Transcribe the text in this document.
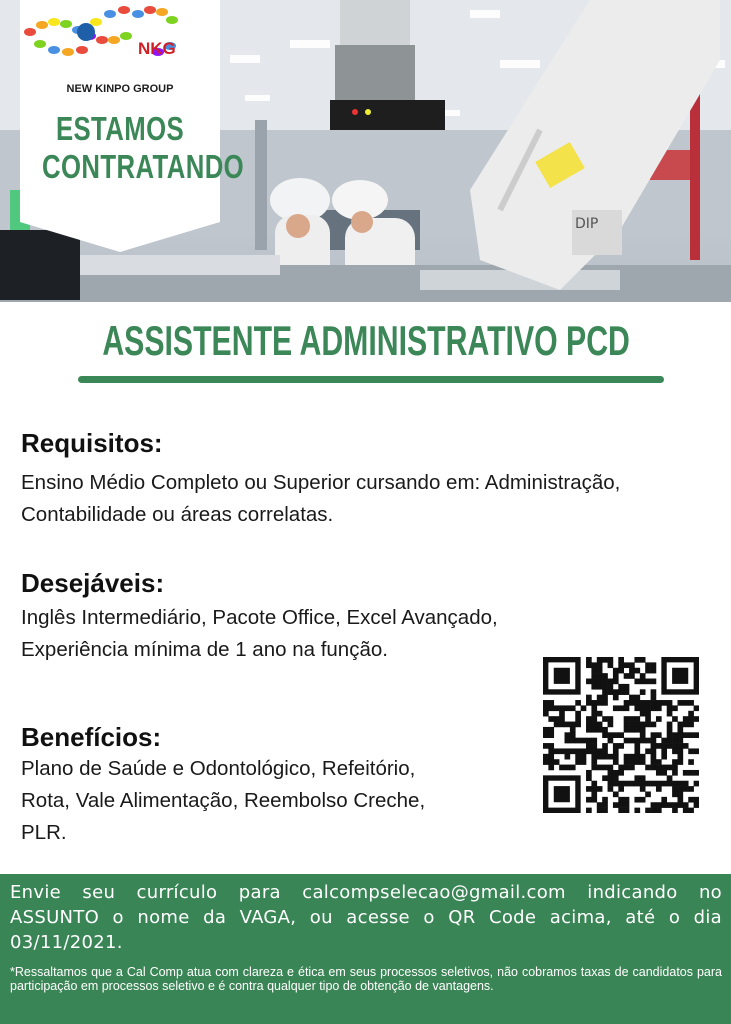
DIP
NKG
NEW KINPO GROUP
ESTAMOS
CONTRATANDO
ASSISTENTE ADMINISTRATIVO PCD
Requisitos:
Ensino Médio Completo ou Superior cursando em: Administração,
Contabilidade ou áreas correlatas.
Desejáveis:
Inglês Intermediário, Pacote Office, Excel Avançado,
Experiência mínima de 1 ano na função.
Benefícios:
Plano de Saúde e Odontológico, Refeitório,
Rota, Vale Alimentação, Reembolso Creche,
PLR.
Envie seu currículo para calcompselecao@gmail.com indicando no ASSUNTO o nome da VAGA, ou acesse o QR Code acima, até o dia 03/11/2021.
*Ressaltamos que a Cal Comp atua com clareza e ética em seus processos seletivos, não cobramos taxas de candidatos para participação em processos seletivo e é contra qualquer tipo de obtenção de vantagens.
